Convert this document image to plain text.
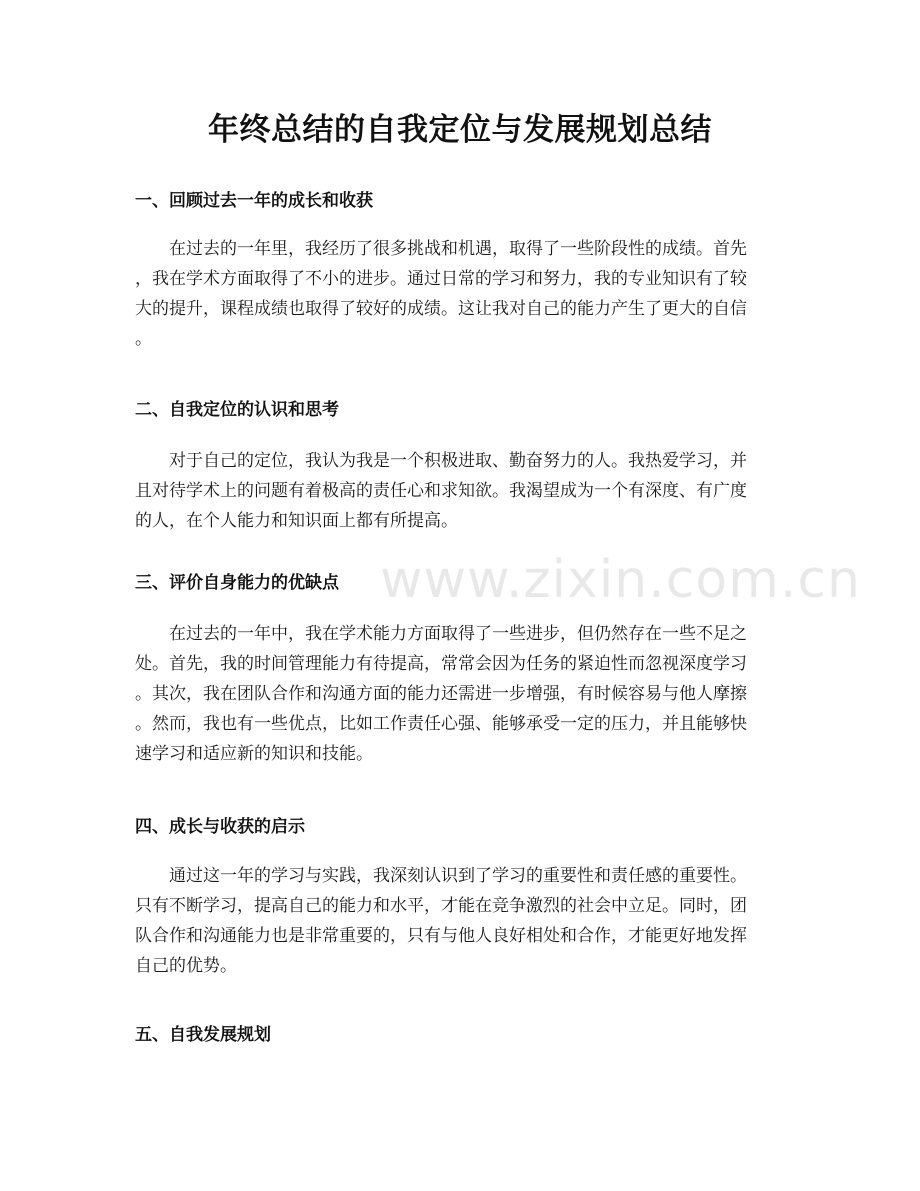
www.zixin.com.cn
年终总结的自我定位与发展规划总结
一、回顾过去一年的成长和收获
在过去的一年里，我经历了很多挑战和机遇，取得了一些阶段性的成绩。首先
，我在学术方面取得了不小的进步。通过日常的学习和努力，我的专业知识有了较
大的提升，课程成绩也取得了较好的成绩。这让我对自己的能力产生了更大的自信
。
二、自我定位的认识和思考
对于自己的定位，我认为我是一个积极进取、勤奋努力的人。我热爱学习，并
且对待学术上的问题有着极高的责任心和求知欲。我渴望成为一个有深度、有广度
的人，在个人能力和知识面上都有所提高。
三、评价自身能力的优缺点
在过去的一年中，我在学术能力方面取得了一些进步，但仍然存在一些不足之
处。首先，我的时间管理能力有待提高，常常会因为任务的紧迫性而忽视深度学习
。其次，我在团队合作和沟通方面的能力还需进一步增强，有时候容易与他人摩擦
。然而，我也有一些优点，比如工作责任心强、能够承受一定的压力，并且能够快
速学习和适应新的知识和技能。
四、成长与收获的启示
通过这一年的学习与实践，我深刻认识到了学习的重要性和责任感的重要性。
只有不断学习，提高自己的能力和水平，才能在竞争激烈的社会中立足。同时，团
队合作和沟通能力也是非常重要的，只有与他人良好相处和合作，才能更好地发挥
自己的优势。
五、自我发展规划
